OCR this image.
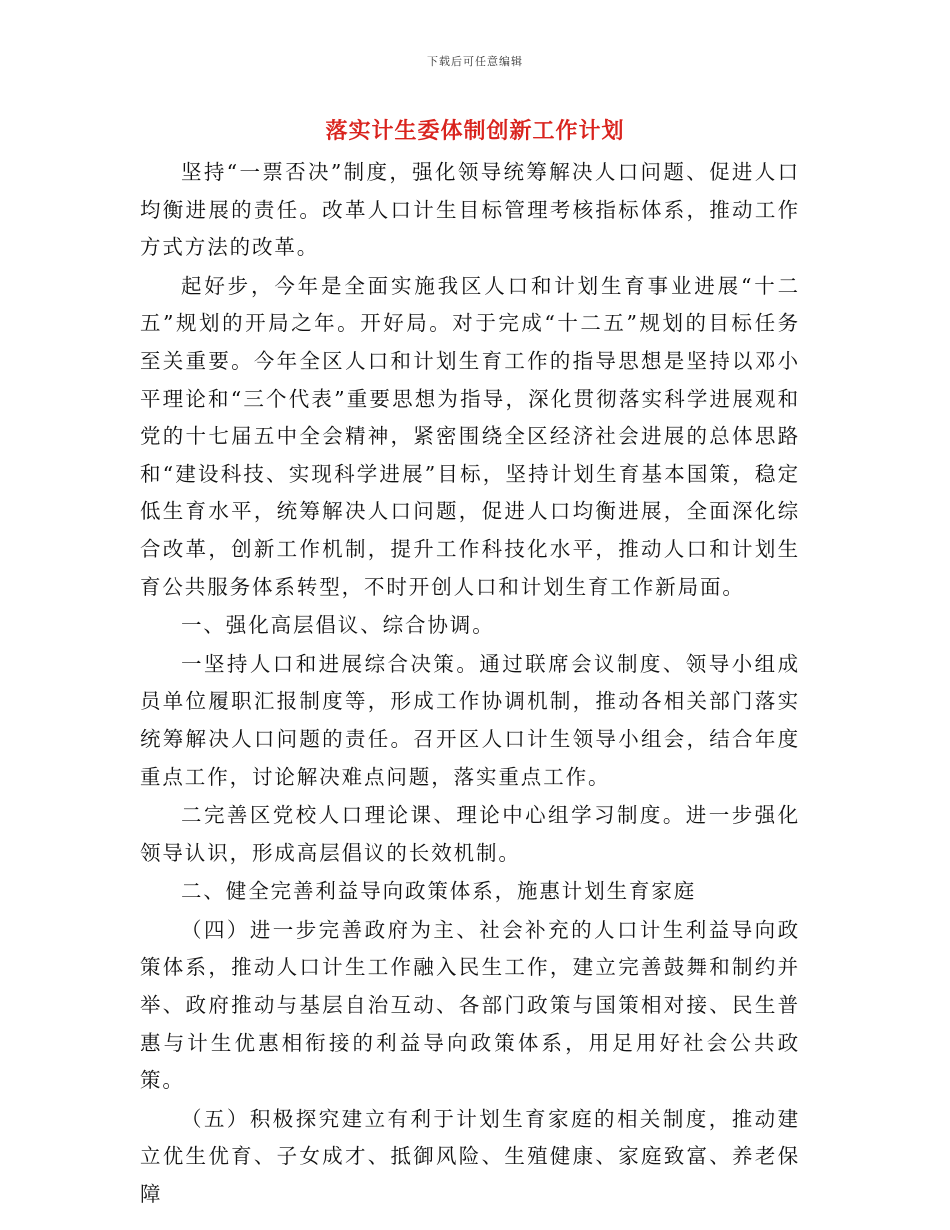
下载后可任意编辑
落实计生委体制创新工作计划

坚持“一票否决”制度，强化领导统筹解决人口问题、促进人口均衡进展的责任。改革人口计生目标管理考核指标体系，推动工作方式方法的改革。

起好步，今年是全面实施我区人口和计划生育事业进展“十二五”规划的开局之年。开好局。对于完成“十二五”规划的目标任务至关重要。今年全区人口和计划生育工作的指导思想是坚持以邓小平理论和“三个代表”重要思想为指导，深化贯彻落实科学进展观和党的十七届五中全会精神，紧密围绕全区经济社会进展的总体思路和“建设科技、实现科学进展”目标，坚持计划生育基本国策，稳定低生育水平，统筹解决人口问题，促进人口均衡进展，全面深化综合改革，创新工作机制，提升工作科技化水平，推动人口和计划生育公共服务体系转型，不时开创人口和计划生育工作新局面。

一、强化高层倡议、综合协调。

一坚持人口和进展综合决策。通过联席会议制度、领导小组成员单位履职汇报制度等，形成工作协调机制，推动各相关部门落实统筹解决人口问题的责任。召开区人口计生领导小组会，结合年度重点工作，讨论解决难点问题，落实重点工作。

二完善区党校人口理论课、理论中心组学习制度。进一步强化领导认识，形成高层倡议的长效机制。

二、健全完善利益导向政策体系，施惠计划生育家庭

（四）进一步完善政府为主、社会补充的人口计生利益导向政策体系，推动人口计生工作融入民生工作，建立完善鼓舞和制约并举、政府推动与基层自治互动、各部门政策与国策相对接、民生普惠与计生优惠相衔接的利益导向政策体系，用足用好社会公共政策。

（五）积极探究建立有利于计划生育家庭的相关制度，推动建立优生优育、子女成才、抵御风险、生殖健康、家庭致富、养老保障
